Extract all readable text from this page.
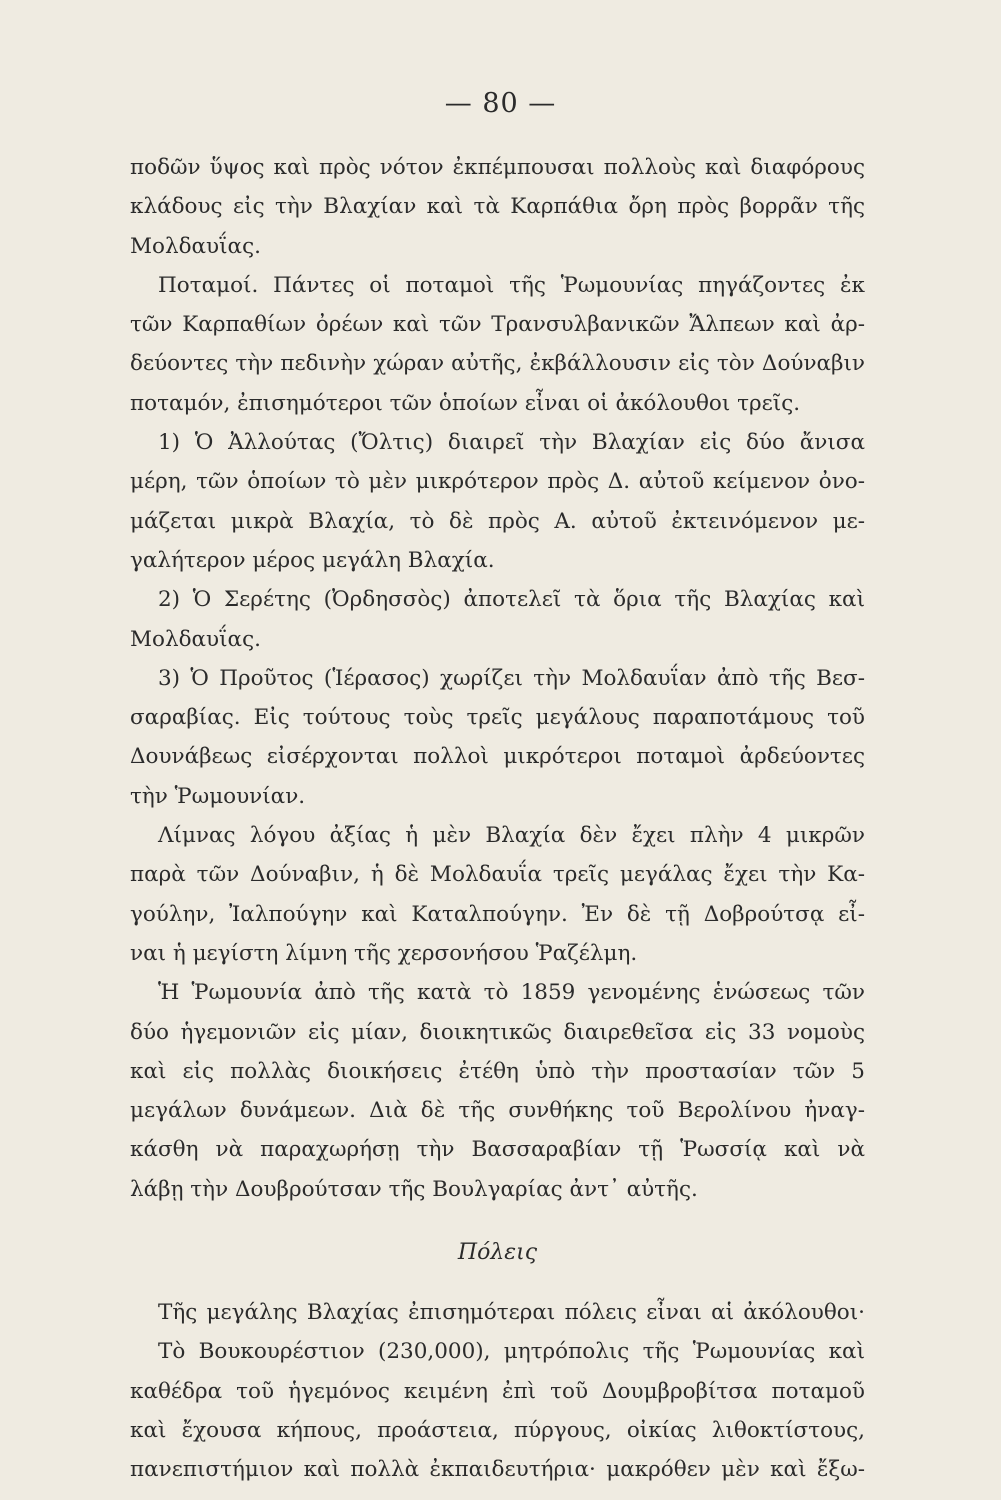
— 80 —
ποδῶν ὕψος καὶ πρὸς νότον ἐκπέμπουσαι πολλοὺς καὶ διαφόρους
κλάδους εἰς τὴν Βλαχίαν καὶ τὰ Καρπάθια ὄρη πρὸς βορρᾶν τῆς
Μολδαυΐας.
Ποταμοί. Πάντες οἱ ποταμοὶ τῆς Ῥωμουνίας πηγάζοντες ἐκ
τῶν Καρπαθίων ὀρέων καὶ τῶν Τρανσυλβανικῶν Ἄλπεων καὶ ἀρ-
δεύοντες τὴν πεδινὴν χώραν αὐτῆς, ἐκβάλλουσιν εἰς τὸν Δούναβιν
ποταμόν, ἐπισημότεροι τῶν ὁποίων εἶναι οἱ ἀκόλουθοι τρεῖς.
1) Ὁ Ἀλλούτας (Ὄλτις) διαιρεῖ τὴν Βλαχίαν εἰς δύο ἄνισα
μέρη, τῶν ὁποίων τὸ μὲν μικρότερον πρὸς Δ. αὐτοῦ κείμενον ὀνο-
μάζεται μικρὰ Βλαχία, τὸ δὲ πρὸς Α. αὐτοῦ ἐκτεινόμενον με-
γαλήτερον μέρος μεγάλη Βλαχία.
2) Ὁ Σερέτης (Ὀρδησσὸς) ἀποτελεῖ τὰ ὅρια τῆς Βλαχίας καὶ
Μολδαυΐας.
3) Ὁ Προῦτος (Ἱέρασος) χωρίζει τὴν Μολδαυΐαν ἀπὸ τῆς Βεσ-
σαραβίας. Εἰς τούτους τοὺς τρεῖς μεγάλους παραποτάμους τοῦ
Δουνάβεως εἰσέρχονται πολλοὶ μικρότεροι ποταμοὶ ἀρδεύοντες
τὴν Ῥωμουνίαν.
Λίμνας λόγου ἀξίας ἡ μὲν Βλαχία δὲν ἔχει πλὴν 4 μικρῶν
παρὰ τῶν Δούναβιν, ἡ δὲ Μολδαυΐα τρεῖς μεγάλας ἔχει τὴν Κα-
γούλην, Ἰαλπούγην καὶ Καταλπούγην. Ἐν δὲ τῇ Δοβρούτσᾳ εἶ-
ναι ἡ μεγίστη λίμνη τῆς χερσονήσου Ῥαζέλμη.
Ἡ Ῥωμουνία ἀπὸ τῆς κατὰ τὸ 1859 γενομένης ἑνώσεως τῶν
δύο ἡγεμονιῶν εἰς μίαν, διοικητικῶς διαιρεθεῖσα εἰς 33 νομοὺς
καὶ εἰς πολλὰς διοικήσεις ἐτέθη ὑπὸ τὴν προστασίαν τῶν 5
μεγάλων δυνάμεων. Διὰ δὲ τῆς συνθήκης τοῦ Βερολίνου ἠναγ-
κάσθη νὰ παραχωρήσῃ τὴν Βασσαραβίαν τῇ Ῥωσσίᾳ καὶ νὰ
λάβῃ τὴν Δουβρούτσαν τῆς Βουλγαρίας ἀντ᾽ αὐτῆς.
Πόλεις
Τῆς μεγάλης Βλαχίας ἐπισημότεραι πόλεις εἶναι αἱ ἀκόλουθοι·
Τὸ Βουκουρέστιον (230,000), μητρόπολις τῆς Ῥωμουνίας καὶ
καθέδρα τοῦ ἡγεμόνος κειμένη ἐπὶ τοῦ Δουμβροβίτσα ποταμοῦ
καὶ ἔχουσα κήπους, προάστεια, πύργους, οἰκίας λιθοκτίστους,
πανεπιστήμιον καὶ πολλὰ ἐκπαιδευτήρια· μακρόθεν μὲν καὶ ἔξω-
